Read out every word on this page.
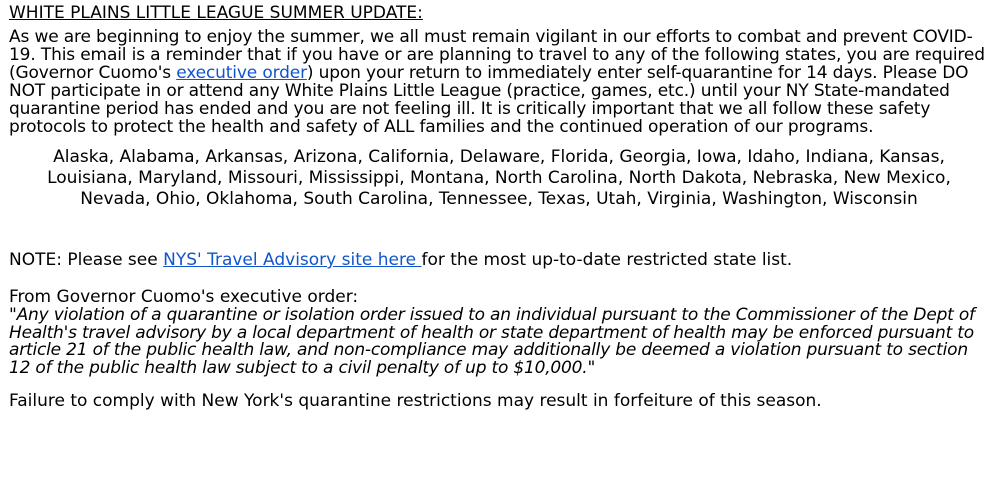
WHITE PLAINS LITTLE LEAGUE SUMMER UPDATE:

As we are beginning to enjoy the summer, we all must remain vigilant in our efforts to combat and prevent COVID-19. This email is a reminder that if you have or are planning to travel to any of the following states, you are required (Governor Cuomo's executive order) upon your return to immediately enter self-quarantine for 14 days. Please DO NOT participate in or attend any White Plains Little League (practice, games, etc.) until your NY State-mandated quarantine period has ended and you are not feeling ill. It is critically important that we all follow these safety protocols to protect the health and safety of ALL families and the continued operation of our programs.

Alaska, Alabama, Arkansas, Arizona, California, Delaware, Florida, Georgia, Iowa, Idaho, Indiana, Kansas, Louisiana, Maryland, Missouri, Mississippi, Montana, North Carolina, North Dakota, Nebraska, New Mexico, Nevada, Ohio, Oklahoma, South Carolina, Tennessee, Texas, Utah, Virginia, Washington, Wisconsin

NOTE: Please see NYS' Travel Advisory site here for the most up-to-date restricted state list.

From Governor Cuomo's executive order:

"Any violation of a quarantine or isolation order issued to an individual pursuant to the Commissioner of the Dept of Health's travel advisory by a local department of health or state department of health may be enforced pursuant to article 21 of the public health law, and non-compliance may additionally be deemed a violation pursuant to section 12 of the public health law subject to a civil penalty of up to $10,000."

Failure to comply with New York's quarantine restrictions may result in forfeiture of this season.
